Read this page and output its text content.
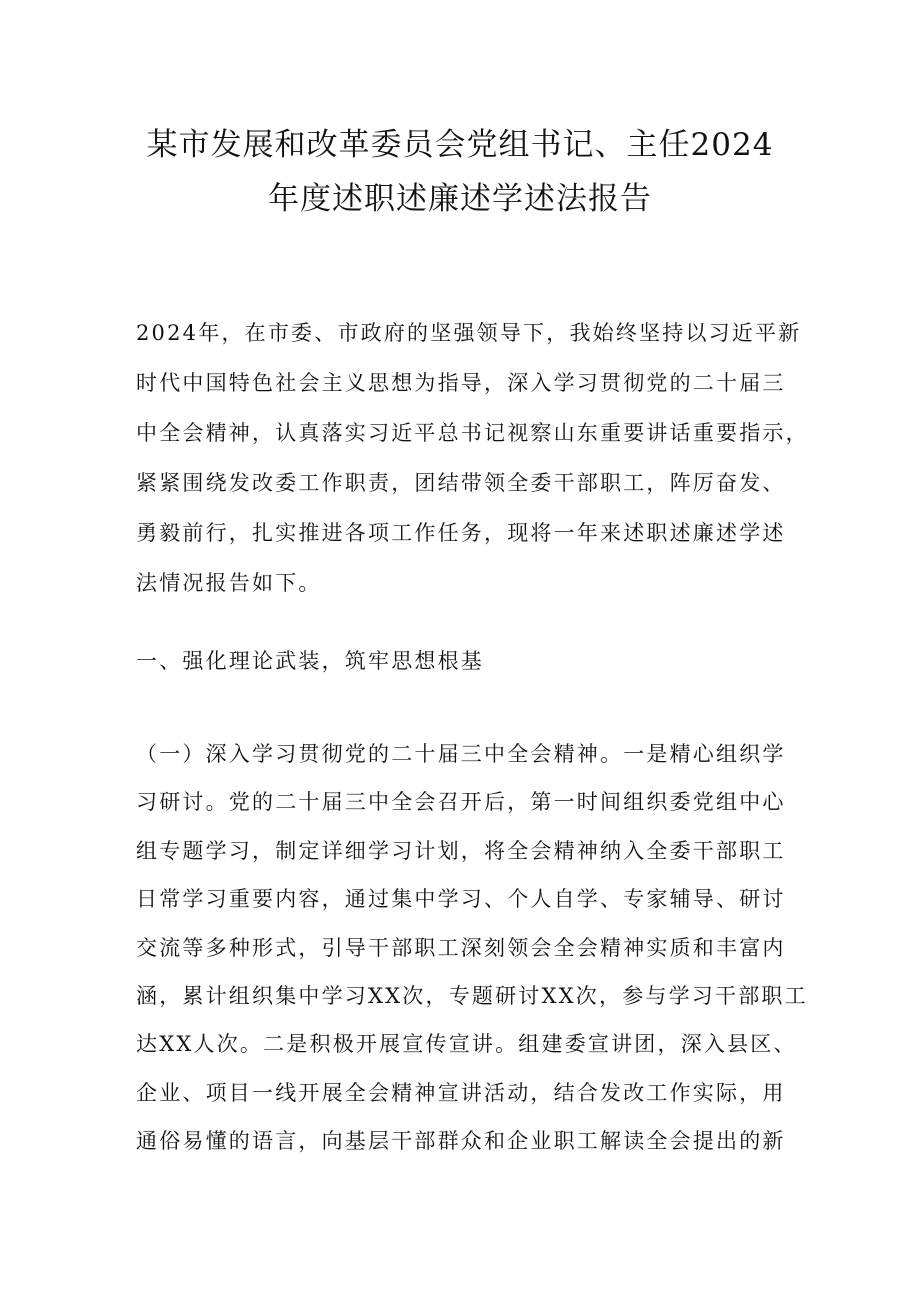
某市发展和改革委员会党组书记、主任2024
年度述职述廉述学述法报告
2024年，在市委、市政府的坚强领导下，我始终坚持以习近平新
时代中国特色社会主义思想为指导，深入学习贯彻党的二十届三
中全会精神，认真落实习近平总书记视察山东重要讲话重要指示，
紧紧围绕发改委工作职责，团结带领全委干部职工，阵厉奋发、
勇毅前行，扎实推进各项工作任务，现将一年来述职述廉述学述
法情况报告如下。
一、强化理论武装，筑牢思想根基
（一）深入学习贯彻党的二十届三中全会精神。一是精心组织学
习研讨。党的二十届三中全会召开后，第一时间组织委党组中心
组专题学习，制定详细学习计划，将全会精神纳入全委干部职工
日常学习重要内容，通过集中学习、个人自学、专家辅导、研讨
交流等多种形式，引导干部职工深刻领会全会精神实质和丰富内
涵，累计组织集中学习XX次，专题研讨XX次，参与学习干部职工
达XX人次。二是积极开展宣传宣讲。组建委宣讲团，深入县区、
企业、项目一线开展全会精神宣讲活动，结合发改工作实际，用
通俗易懂的语言，向基层干部群众和企业职工解读全会提出的新
